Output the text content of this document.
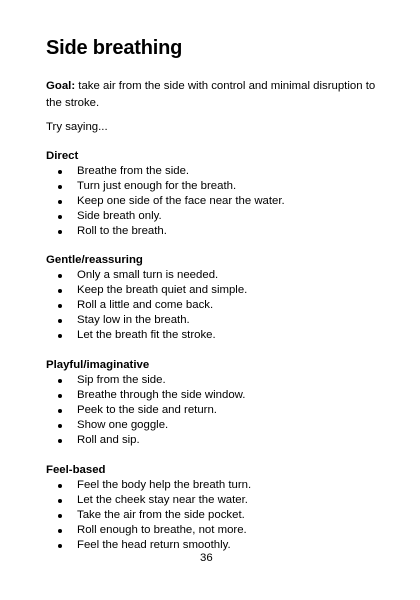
Side breathing

Goal: take air from the side with control and minimal disruption to the stroke.

Try saying...

Direct
Breathe from the side.
Turn just enough for the breath.
Keep one side of the face near the water.
Side breath only.
Roll to the breath.
Gentle/reassuring
Only a small turn is needed.
Keep the breath quiet and simple.
Roll a little and come back.
Stay low in the breath.
Let the breath fit the stroke.
Playful/imaginative
Sip from the side.
Breathe through the side window.
Peek to the side and return.
Show one goggle.
Roll and sip.
Feel-based
Feel the body help the breath turn.
Let the cheek stay near the water.
Take the air from the side pocket.
Roll enough to breathe, not more.
Feel the head return smoothly.

36
